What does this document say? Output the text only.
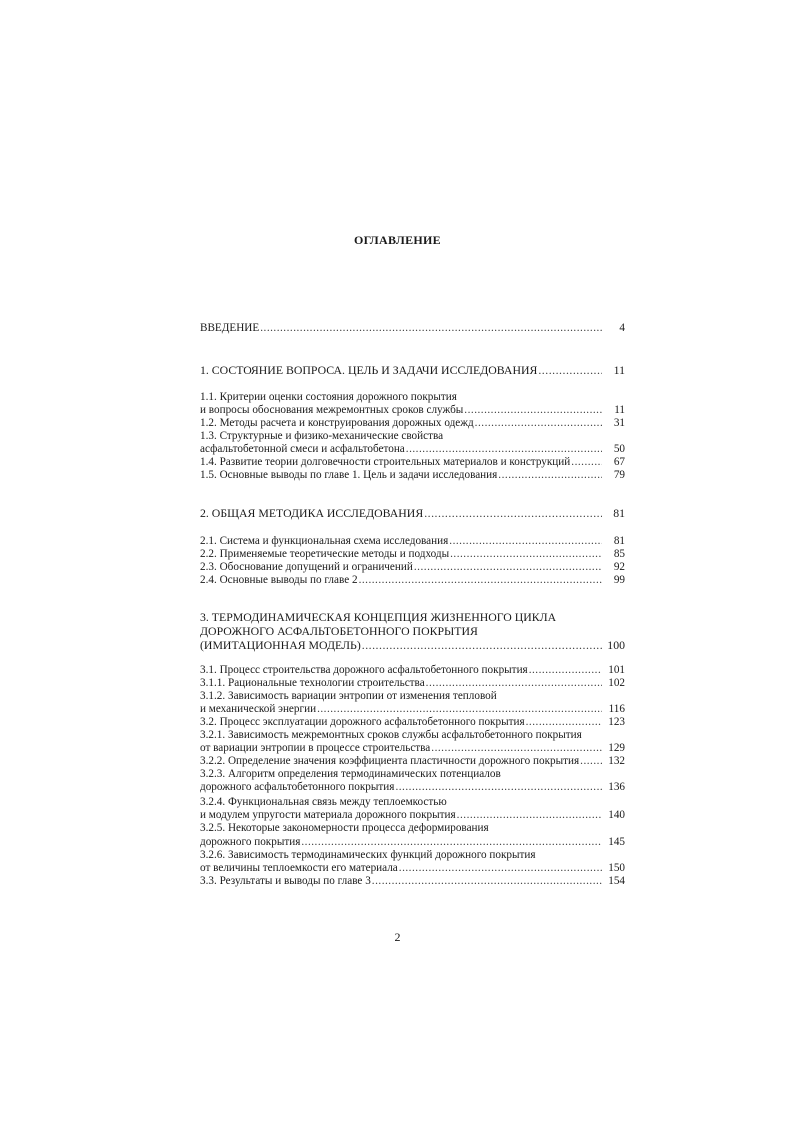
ОГЛАВЛЕНИЕ
ВВЕДЕНИЕ .....	4
1. СОСТОЯНИЕ ВОПРОСА. ЦЕЛЬ И ЗАДАЧИ ИССЛЕДОВАНИЯ .....	11
1.1. Критерии оценки состояния дорожного покрытия
и вопросы обоснования межремонтных сроков службы .....	11
1.2. Методы расчета и конструирования дорожных одежд .....	31
1.3. Структурные и физико-механические свойства
асфальтобетонной смеси и асфальтобетона .....	50
1.4. Развитие теории долговечности строительных материалов и конструкций .....	67
1.5. Основные выводы по главе 1. Цель и задачи исследования .....	79
2. ОБЩАЯ МЕТОДИКА ИССЛЕДОВАНИЯ .....	81
2.1. Система и функциональная схема исследования .....	81
2.2. Применяемые теоретические методы и подходы .....	85
2.3. Обоснование допущений и ограничений .....	92
2.4. Основные выводы по главе 2 .....	99
3. ТЕРМОДИНАМИЧЕСКАЯ КОНЦЕПЦИЯ ЖИЗНЕННОГО ЦИКЛА
ДОРОЖНОГО АСФАЛЬТОБЕТОННОГО ПОКРЫТИЯ
(ИМИТАЦИОННАЯ МОДЕЛЬ) .....	100
3.1. Процесс строительства дорожного асфальтобетонного покрытия .....	101
3.1.1. Рациональные технологии строительства .....	102
3.1.2. Зависимость вариации энтропии от изменения тепловой
и механической энергии .....	116
3.2. Процесс эксплуатации дорожного асфальтобетонного покрытия .....	123
3.2.1. Зависимость межремонтных сроков службы асфальтобетонного покрытия
от вариации энтропии в процессе строительства .....	129
3.2.2. Определение значения коэффициента пластичности дорожного покрытия .....	132
3.2.3. Алгоритм определения термодинамических потенциалов
дорожного асфальтобетонного покрытия .....	136
3.2.4. Функциональная связь между теплоемкостью
и модулем упругости материала дорожного покрытия .....	140
3.2.5. Некоторые закономерности процесса деформирования
дорожного покрытия .....	145
3.2.6. Зависимость термодинамических функций дорожного покрытия
от величины теплоемкости его материала .....	150
3.3. Результаты и выводы по главе 3 .....	154
2
